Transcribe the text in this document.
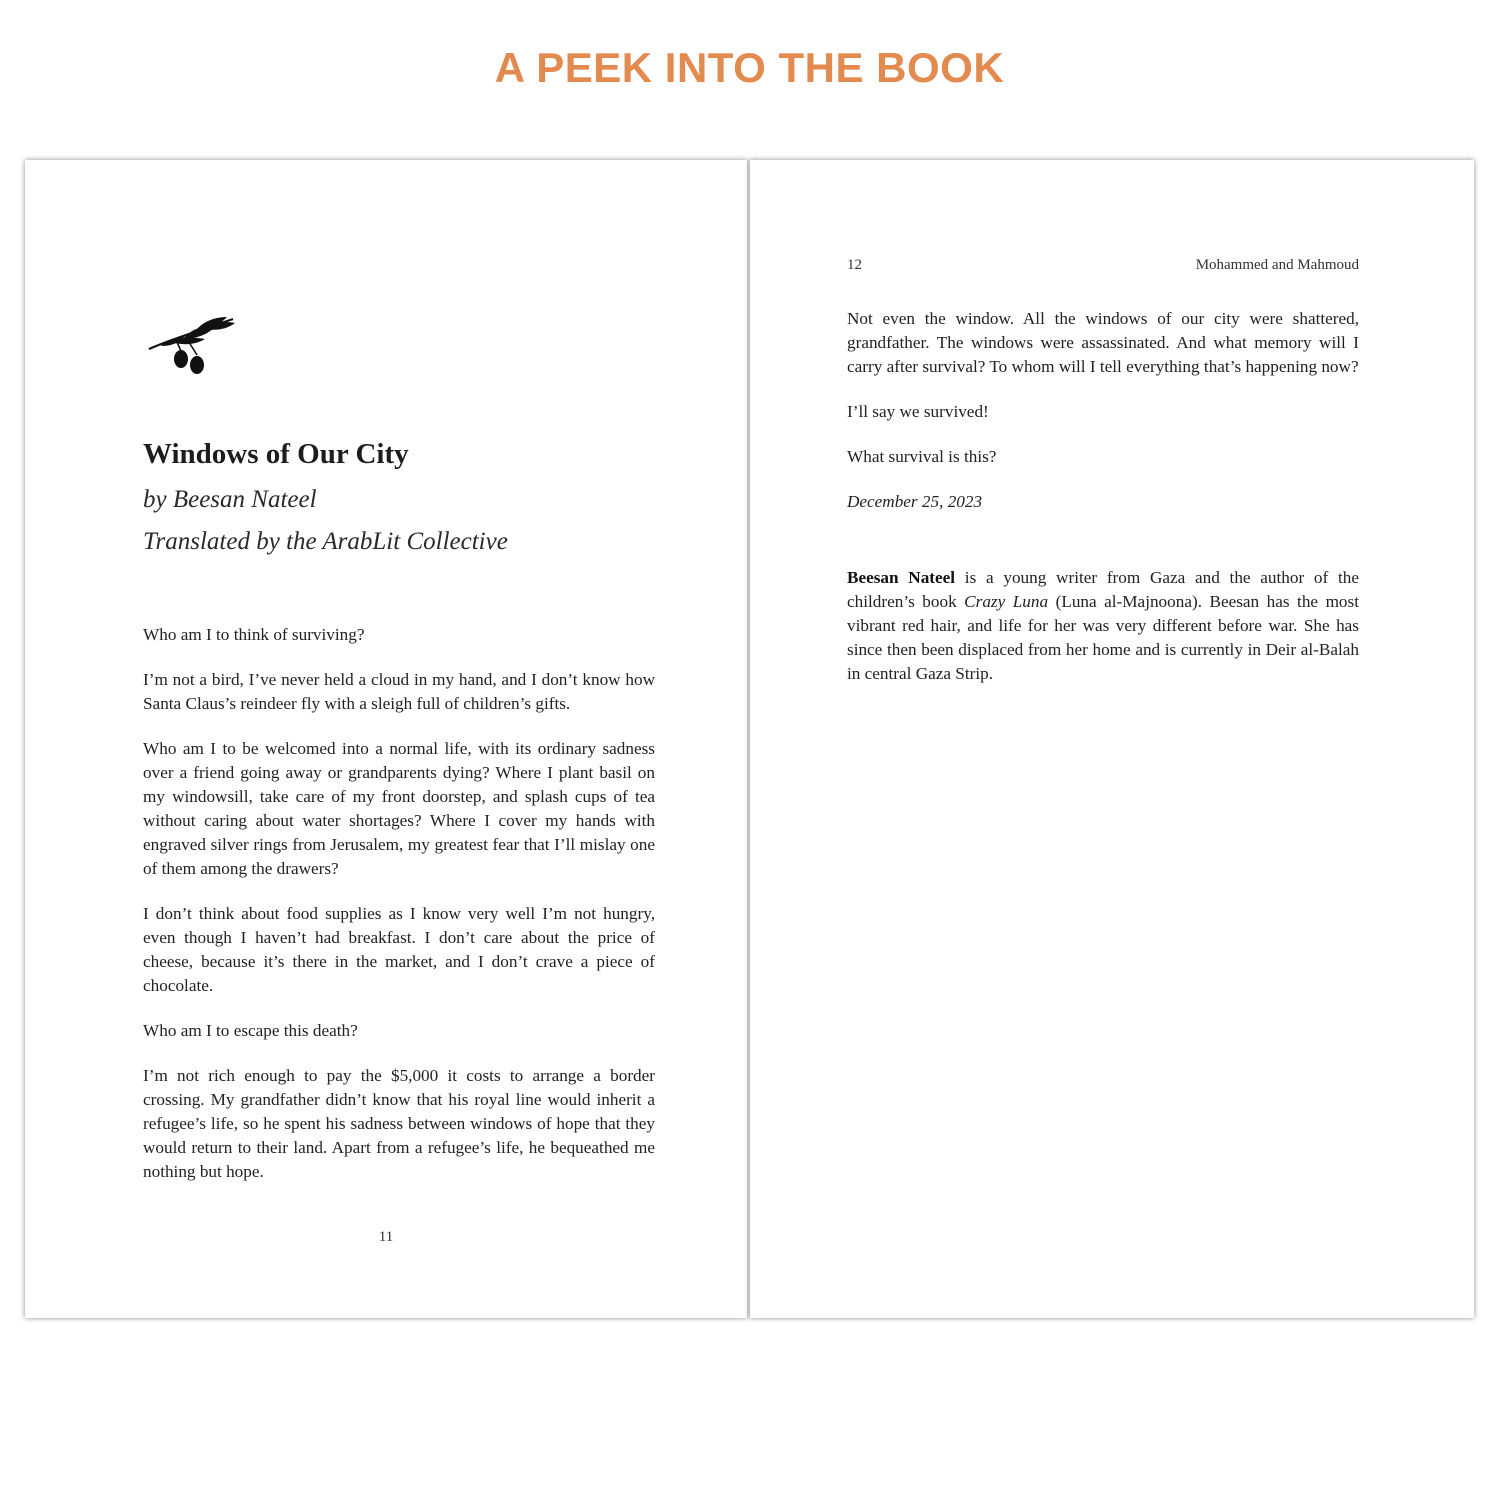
A PEEK INTO THE BOOK
Windows of Our City
by Beesan Nateel
Translated by the ArabLit Collective

Who am I to think of surviving?

I’m not a bird, I’ve never held a cloud in my hand, and I don’t know how Santa Claus’s reindeer fly with a sleigh full of children’s gifts.

Who am I to be welcomed into a normal life, with its ordinary sadness over a friend going away or grandparents dying? Where I plant basil on my windowsill, take care of my front doorstep, and splash cups of tea without caring about water shortages? Where I cover my hands with engraved silver rings from Jerusalem, my greatest fear that I’ll mislay one of them among the drawers?

I don’t think about food supplies as I know very well I’m not hungry, even though I haven’t had breakfast. I don’t care about the price of cheese, because it’s there in the market, and I don’t crave a piece of chocolate.

Who am I to escape this death?

I’m not rich enough to pay the $5,000 it costs to arrange a border crossing. My grandfather didn’t know that his royal line would inherit a refugee’s life, so he spent his sadness between windows of hope that they would return to their land. Apart from a refugee’s life, he bequeathed me nothing but hope.

11
12	Mohammed and Mahmoud

Not even the window. All the windows of our city were shattered, grandfather. The windows were assassinated. And what memory will I carry after survival? To whom will I tell everything that’s happening now?

I’ll say we survived!

What survival is this?

December 25, 2023

Beesan Nateel is a young writer from Gaza and the author of the children’s book Crazy Luna (Luna al-Majnoona). Beesan has the most vibrant red hair, and life for her was very different before war. She has since then been displaced from her home and is currently in Deir al-Balah in central Gaza Strip.
